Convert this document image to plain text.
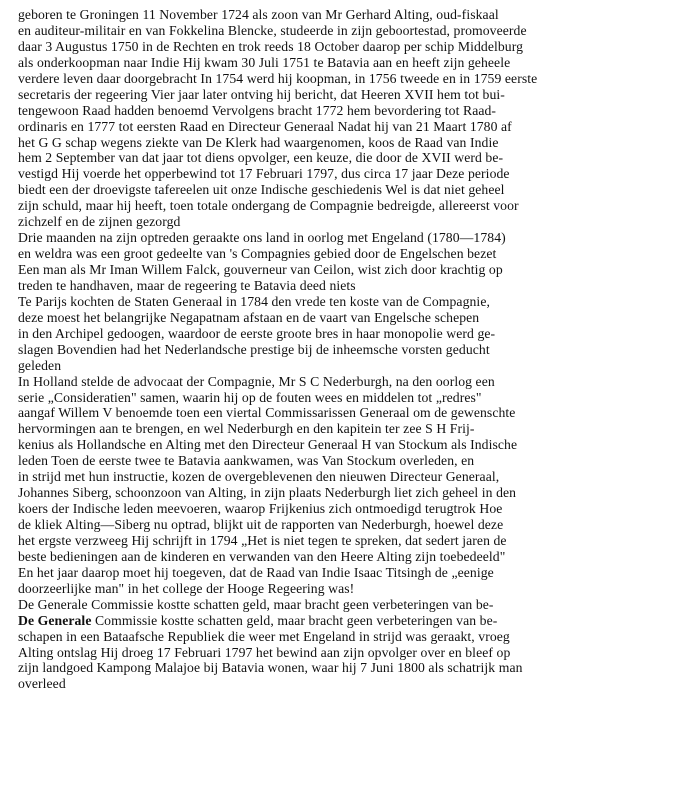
geboren te Groningen 11 November 1724 als zoon van Mr Gerhard Alting, oud-fiskaal
en auditeur-militair en van Fokkelina Blencke, studeerde in zijn geboortestad, promoveerde
daar 3 Augustus 1750 in de Rechten en trok reeds 18 October daarop per schip Middelburg
als onderkoopman naar Indie Hij kwam 30 Juli 1751 te Batavia aan en heeft zijn geheele
verdere leven daar doorgebracht In 1754 werd hij koopman, in 1756 tweede en in 1759 eerste
secretaris der regeering Vier jaar later ontving hij bericht, dat Heeren XVII hem tot bui-
tengewoon Raad hadden benoemd Vervolgens bracht 1772 hem bevordering tot Raad-
ordinaris en 1777 tot eersten Raad en Directeur Generaal Nadat hij van 21 Maart 1780 af
het G G schap wegens ziekte van De Klerk had waargenomen, koos de Raad van Indie
hem 2 September van dat jaar tot diens opvolger, een keuze, die door de XVII werd be-
vestigd Hij voerde het opperbewind tot 17 Februari 1797, dus circa 17 jaar Deze periode
biedt een der droevigste tafereelen uit onze Indische geschiedenis Wel is dat niet geheel
zijn schuld, maar hij heeft, toen totale ondergang de Compagnie bedreigde, allereerst voor
zichzelf en de zijnen gezorgd
Drie maanden na zijn optreden geraakte ons land in oorlog met Engeland (1780—1784)
en weldra was een groot gedeelte van 's Compagnies gebied door de Engelschen bezet
Een man als Mr Iman Willem Falck, gouverneur van Ceilon, wist zich door krachtig op
treden te handhaven, maar de regeering te Batavia deed niets
Te Parijs kochten de Staten Generaal in 1784 den vrede ten koste van de Compagnie,
deze moest het belangrijke Negapatnam afstaan en de vaart van Engelsche schepen
in den Archipel gedoogen, waardoor de eerste groote bres in haar monopolie werd ge-
slagen Bovendien had het Nederlandsche prestige bij de inheemsche vorsten geducht
geleden
In Holland stelde de advocaat der Compagnie, Mr S C Nederburgh, na den oorlog een
serie „Consideratien" samen, waarin hij op de fouten wees en middelen tot „redres"
aangaf Willem V benoemde toen een viertal Commissarissen Generaal om de gewenschte
hervormingen aan te brengen, en wel Nederburgh en den kapitein ter zee S H Frij-
kenius als Hollandsche en Alting met den Directeur Generaal H van Stockum als Indische
leden Toen de eerste twee te Batavia aankwamen, was Van Stockum overleden, en
in strijd met hun instructie, kozen de overgeblevenen den nieuwen Directeur Generaal,
Johannes Siberg, schoonzoon van Alting, in zijn plaats Nederburgh liet zich geheel in den
koers der Indische leden meevoeren, waarop Frijkenius zich ontmoedigd terugtrok Hoe
de kliek Alting—Siberg nu optrad, blijkt uit de rapporten van Nederburgh, hoewel deze
het ergste verzweeg Hij schrijft in 1794 „Het is niet tegen te spreken, dat sedert jaren de
beste bedieningen aan de kinderen en verwanden van den Heere Alting zijn toebedeeld"
En het jaar daarop moet hij toegeven, dat de Raad van Indie Isaac Titsingh de „eenige
doorzeerlijke man" in het college der Hooge Regeering was!
De Generale Commissie kostte schatten geld, maar bracht geen verbeteringen van be-
De Generale Commissie kostte schatten geld, maar bracht geen verbeteringen van be-
schapen in een Bataafsche Republiek die weer met Engeland in strijd was geraakt, vroeg
Alting ontslag Hij droeg 17 Februari 1797 het bewind aan zijn opvolger over en bleef op
zijn landgoed Kampong Malajoe bij Batavia wonen, waar hij 7 Juni 1800 als schatrijk man
overleed
